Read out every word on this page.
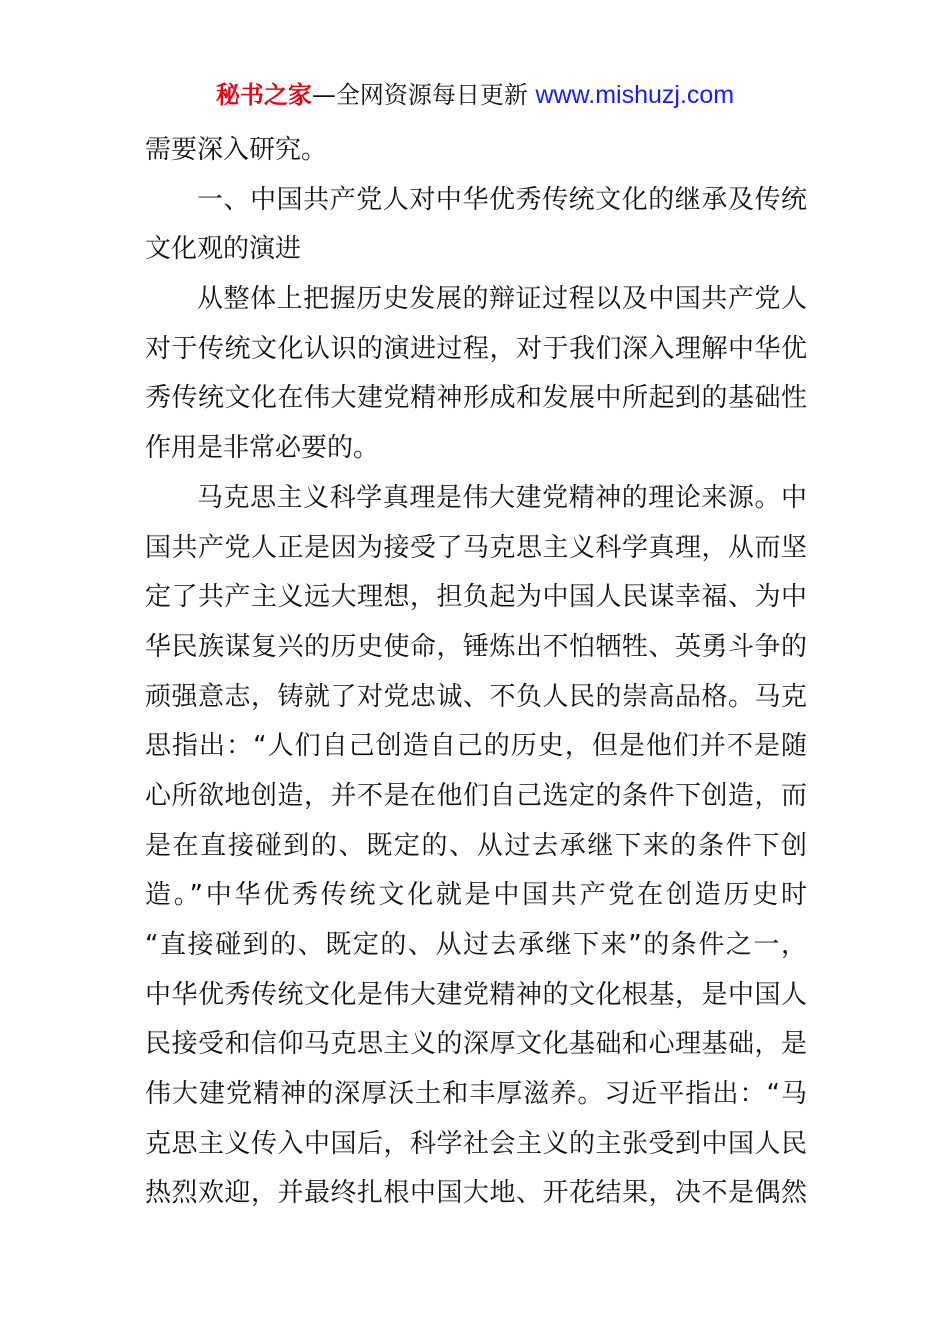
秘书之家—全网资源每日更新 www.mishuzj.com
需要深入研究。
一、中国共产党人对中华优秀传统文化的继承及传统
文化观的演进
从整体上把握历史发展的辩证过程以及中国共产党人
对于传统文化认识的演进过程，对于我们深入理解中华优
秀传统文化在伟大建党精神形成和发展中所起到的基础性
作用是非常必要的。
马克思主义科学真理是伟大建党精神的理论来源。中
国共产党人正是因为接受了马克思主义科学真理，从而坚
定了共产主义远大理想，担负起为中国人民谋幸福、为中
华民族谋复兴的历史使命，锤炼出不怕牺牲、英勇斗争的
顽强意志，铸就了对党忠诚、不负人民的崇高品格。马克
思指出：“人们自己创造自己的历史，但是他们并不是随
心所欲地创造，并不是在他们自己选定的条件下创造，而
是在直接碰到的、既定的、从过去承继下来的条件下创
造。”中华优秀传统文化就是中国共产党在创造历史时
“直接碰到的、既定的、从过去承继下来”的条件之一，
中华优秀传统文化是伟大建党精神的文化根基，是中国人
民接受和信仰马克思主义的深厚文化基础和心理基础，是
伟大建党精神的深厚沃土和丰厚滋养。习近平指出：“马
克思主义传入中国后，科学社会主义的主张受到中国人民
热烈欢迎，并最终扎根中国大地、开花结果，决不是偶然
